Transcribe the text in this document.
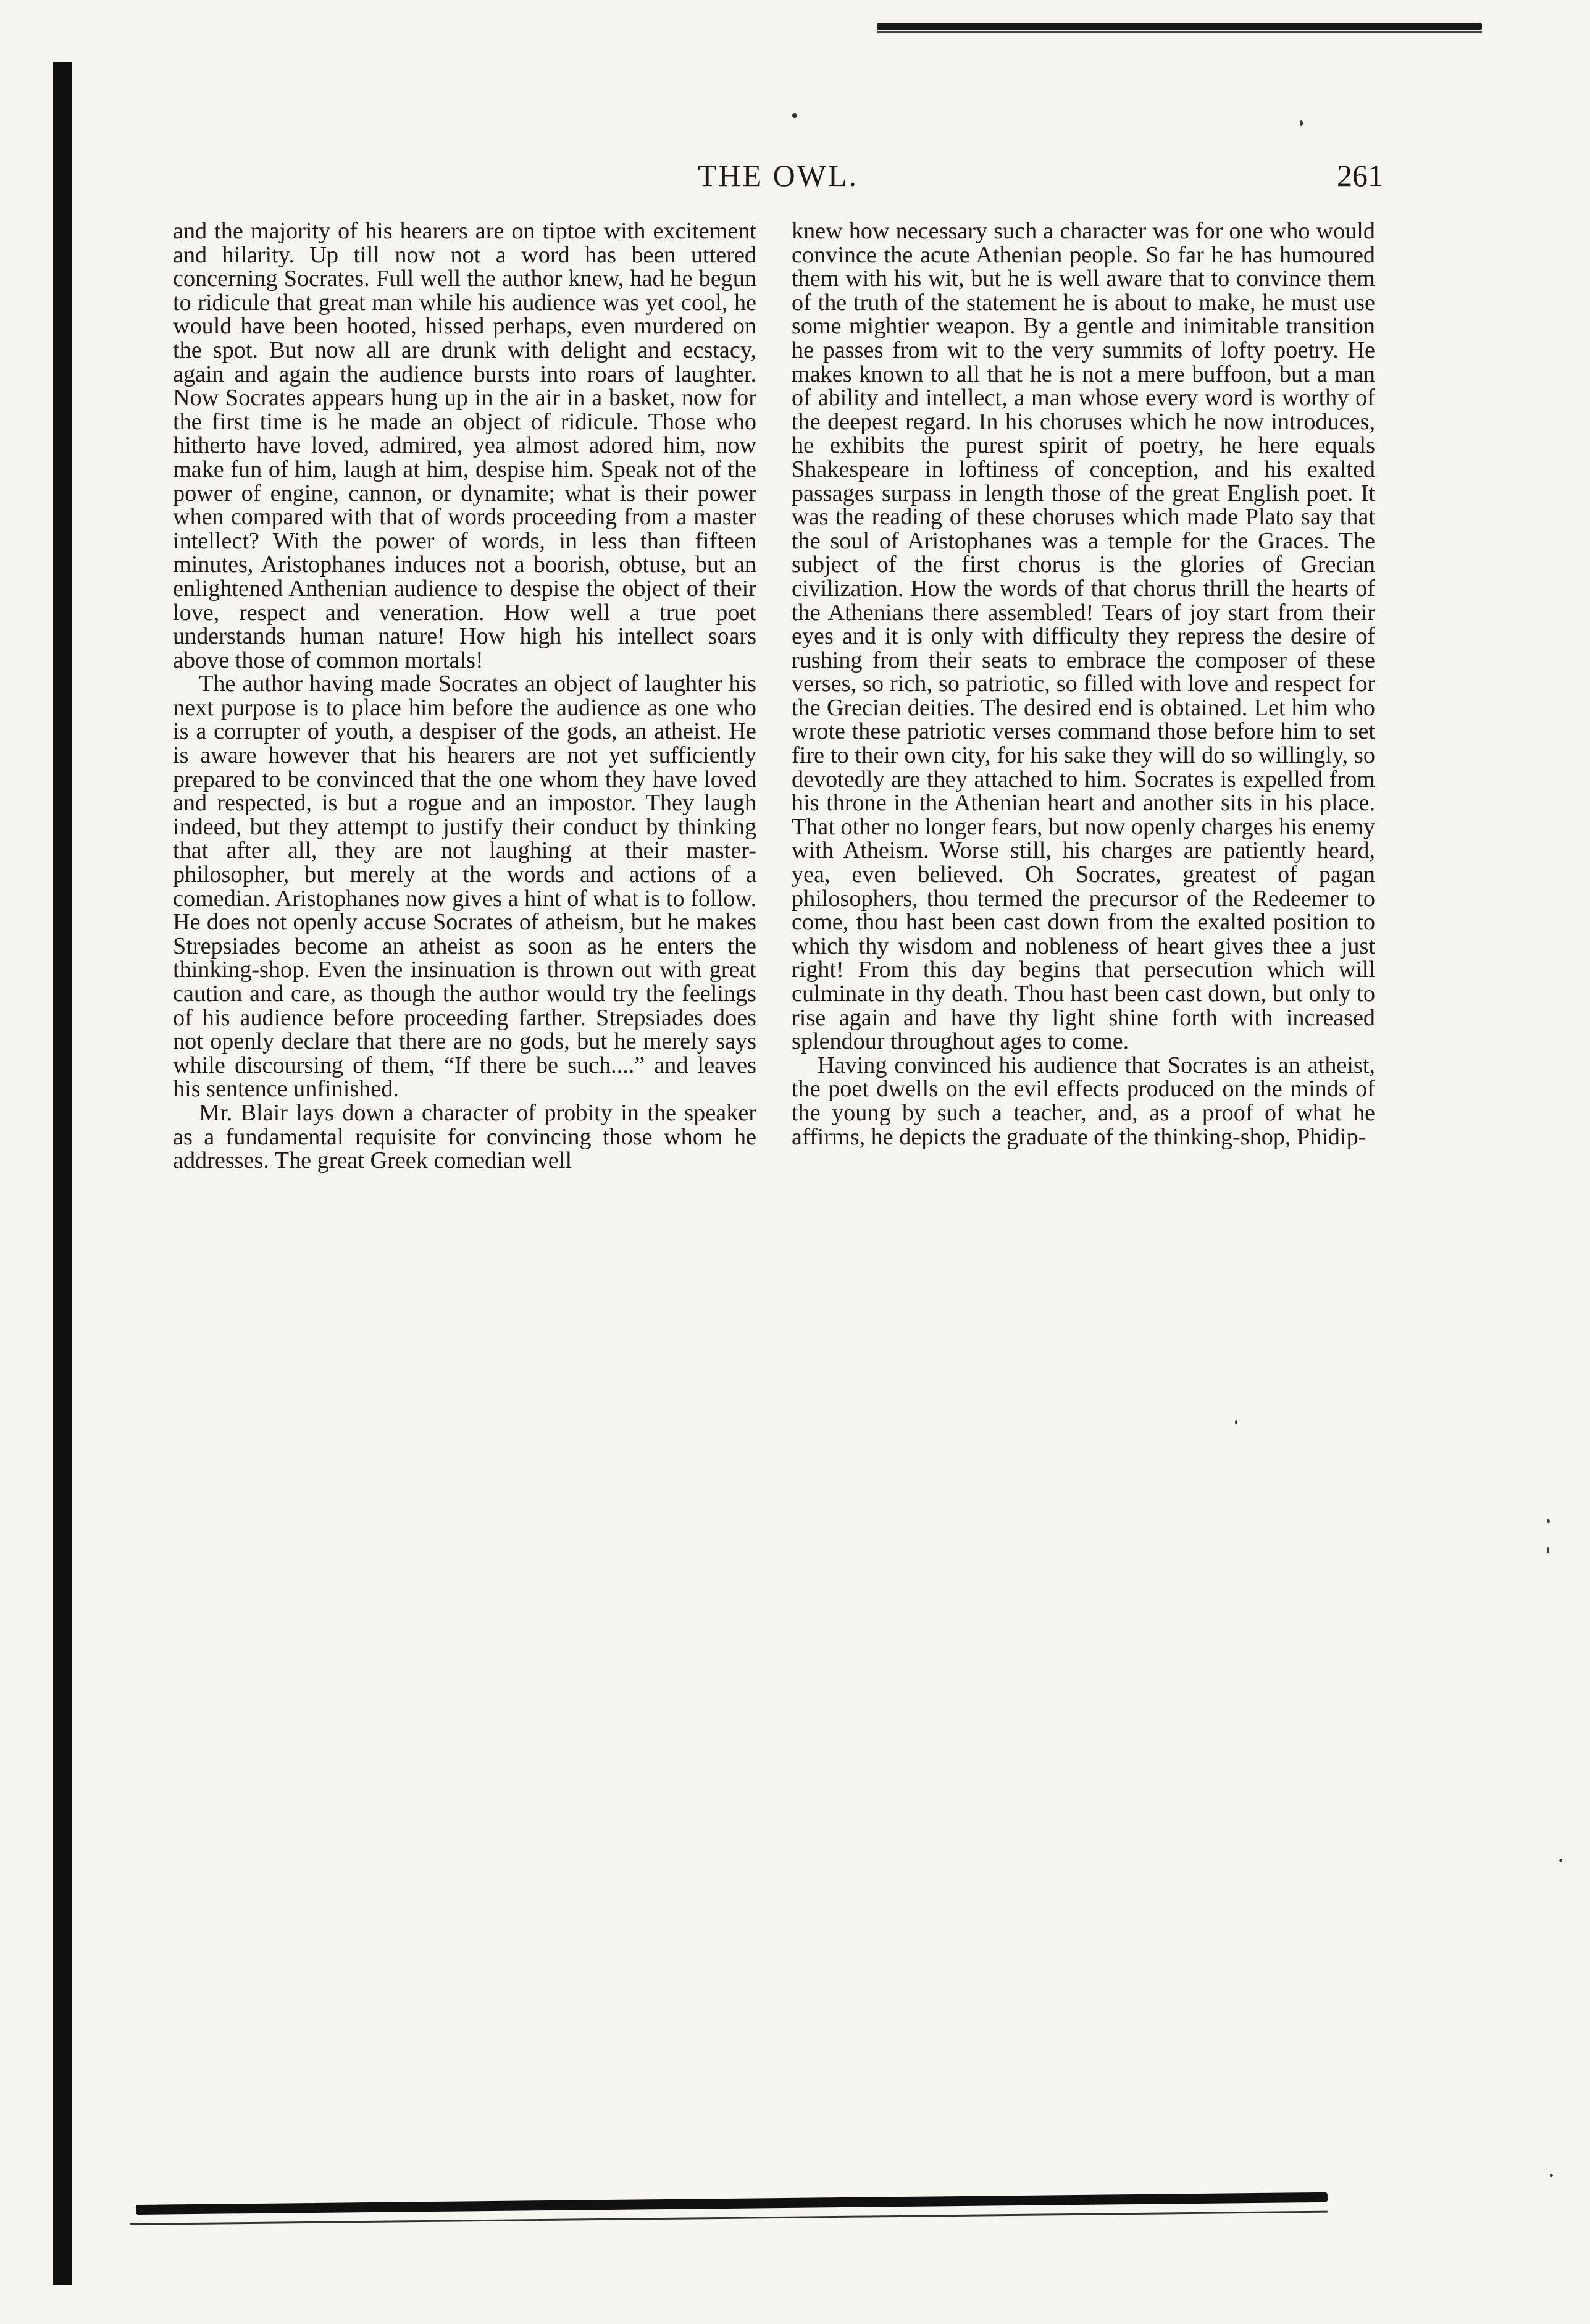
THE OWL.	261

and the majority of his hearers are on tiptoe with excitement and hilarity. Up till now not a word has been uttered concerning Socrates. Full well the author knew, had he begun to ridicule that great man while his audience was yet cool, he would have been hooted, hissed perhaps, even murdered on the spot. But now all are drunk with delight and ecstacy, again and again the audience bursts into roars of laughter. Now Socrates appears hung up in the air in a basket, now for the first time is he made an object of ridicule. Those who hitherto have loved, admired, yea almost adored him, now make fun of him, laugh at him, despise him. Speak not of the power of engine, cannon, or dynamite; what is their power when compared with that of words proceeding from a master intellect? With the power of words, in less than fifteen minutes, Aristophanes induces not a boorish, obtuse, but an enlightened Anthenian audience to despise the object of their love, respect and veneration. How well a true poet understands human nature! How high his intellect soars above those of common mortals!

The author having made Socrates an object of laughter his next purpose is to place him before the audience as one who is a corrupter of youth, a despiser of the gods, an atheist. He is aware however that his hearers are not yet sufficiently prepared to be convinced that the one whom they have loved and respected, is but a rogue and an impostor. They laugh indeed, but they attempt to justify their conduct by thinking that after all, they are not laughing at their master-philosopher, but merely at the words and actions of a comedian. Aristophanes now gives a hint of what is to follow. He does not openly accuse Socrates of atheism, but he makes Strepsiades become an atheist as soon as he enters the thinking-shop. Even the insinuation is thrown out with great caution and care, as though the author would try the feelings of his audience before proceeding farther. Strepsiades does not openly declare that there are no gods, but he merely says while discoursing of them, “If there be such....” and leaves his sentence unfinished.

Mr. Blair lays down a character of probity in the speaker as a fundamental requisite for convincing those whom he addresses. The great Greek comedian well

knew how necessary such a character was for one who would convince the acute Athenian people. So far he has humoured them with his wit, but he is well aware that to convince them of the truth of the statement he is about to make, he must use some mightier weapon. By a gentle and inimitable transition he passes from wit to the very summits of lofty poetry. He makes known to all that he is not a mere buffoon, but a man of ability and intellect, a man whose every word is worthy of the deepest regard. In his choruses which he now introduces, he exhibits the purest spirit of poetry, he here equals Shakespeare in loftiness of conception, and his exalted passages surpass in length those of the great English poet. It was the reading of these choruses which made Plato say that the soul of Aristophanes was a temple for the Graces. The subject of the first chorus is the glories of Grecian civilization. How the words of that chorus thrill the hearts of the Athenians there assembled! Tears of joy start from their eyes and it is only with difficulty they repress the desire of rushing from their seats to embrace the composer of these verses, so rich, so patriotic, so filled with love and respect for the Grecian deities. The desired end is obtained. Let him who wrote these patriotic verses command those before him to set fire to their own city, for his sake they will do so willingly, so devotedly are they attached to him. Socrates is expelled from his throne in the Athenian heart and another sits in his place. That other no longer fears, but now openly charges his enemy with Atheism. Worse still, his charges are patiently heard, yea, even believed. Oh Socrates, greatest of pagan philosophers, thou termed the precursor of the Redeemer to come, thou hast been cast down from the exalted position to which thy wisdom and nobleness of heart gives thee a just right! From this day begins that persecution which will culminate in thy death. Thou hast been cast down, but only to rise again and have thy light shine forth with increased splendour throughout ages to come.

Having convinced his audience that Socrates is an atheist, the poet dwells on the evil effects produced on the minds of the young by such a teacher, and, as a proof of what he affirms, he depicts the graduate of the thinking-shop, Phidip-
